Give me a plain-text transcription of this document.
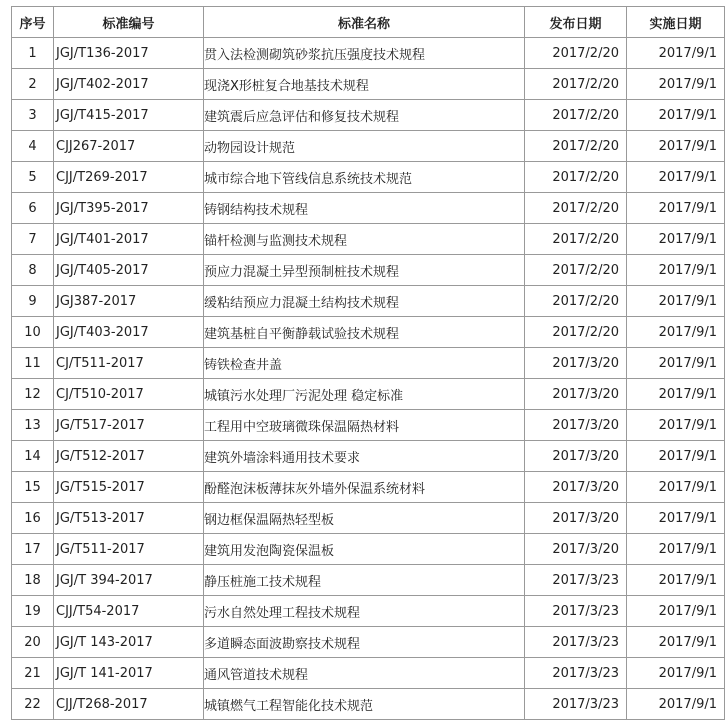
序号	标准编号	标准名称	发布日期	实施日期
1	JGJ/T136-2017	贯入法检测砌筑砂浆抗压强度技术规程	2017/2/20	2017/9/1
2	JGJ/T402-2017	现浇X形桩复合地基技术规程	2017/2/20	2017/9/1
3	JGJ/T415-2017	建筑震后应急评估和修复技术规程	2017/2/20	2017/9/1
4	CJJ267-2017	动物园设计规范	2017/2/20	2017/9/1
5	CJJ/T269-2017	城市综合地下管线信息系统技术规范	2017/2/20	2017/9/1
6	JGJ/T395-2017	铸钢结构技术规程	2017/2/20	2017/9/1
7	JGJ/T401-2017	锚杆检测与监测技术规程	2017/2/20	2017/9/1
8	JGJ/T405-2017	预应力混凝土异型预制桩技术规程	2017/2/20	2017/9/1
9	JGJ387-2017	缓粘结预应力混凝土结构技术规程	2017/2/20	2017/9/1
10	JGJ/T403-2017	建筑基桩自平衡静载试验技术规程	2017/2/20	2017/9/1
11	CJ/T511-2017	铸铁检查井盖	2017/3/20	2017/9/1
12	CJ/T510-2017	城镇污水处理厂污泥处理 稳定标准	2017/3/20	2017/9/1
13	JG/T517-2017	工程用中空玻璃微珠保温隔热材料	2017/3/20	2017/9/1
14	JG/T512-2017	建筑外墙涂料通用技术要求	2017/3/20	2017/9/1
15	JG/T515-2017	酚醛泡沫板薄抹灰外墙外保温系统材料	2017/3/20	2017/9/1
16	JG/T513-2017	钢边框保温隔热轻型板	2017/3/20	2017/9/1
17	JG/T511-2017	建筑用发泡陶瓷保温板	2017/3/20	2017/9/1
18	JGJ/T 394-2017	静压桩施工技术规程	2017/3/23	2017/9/1
19	CJJ/T54-2017	污水自然处理工程技术规程	2017/3/23	2017/9/1
20	JGJ/T 143-2017	多道瞬态面波勘察技术规程	2017/3/23	2017/9/1
21	JGJ/T 141-2017	通风管道技术规程	2017/3/23	2017/9/1
22	CJJ/T268-2017	城镇燃气工程智能化技术规范	2017/3/23	2017/9/1
